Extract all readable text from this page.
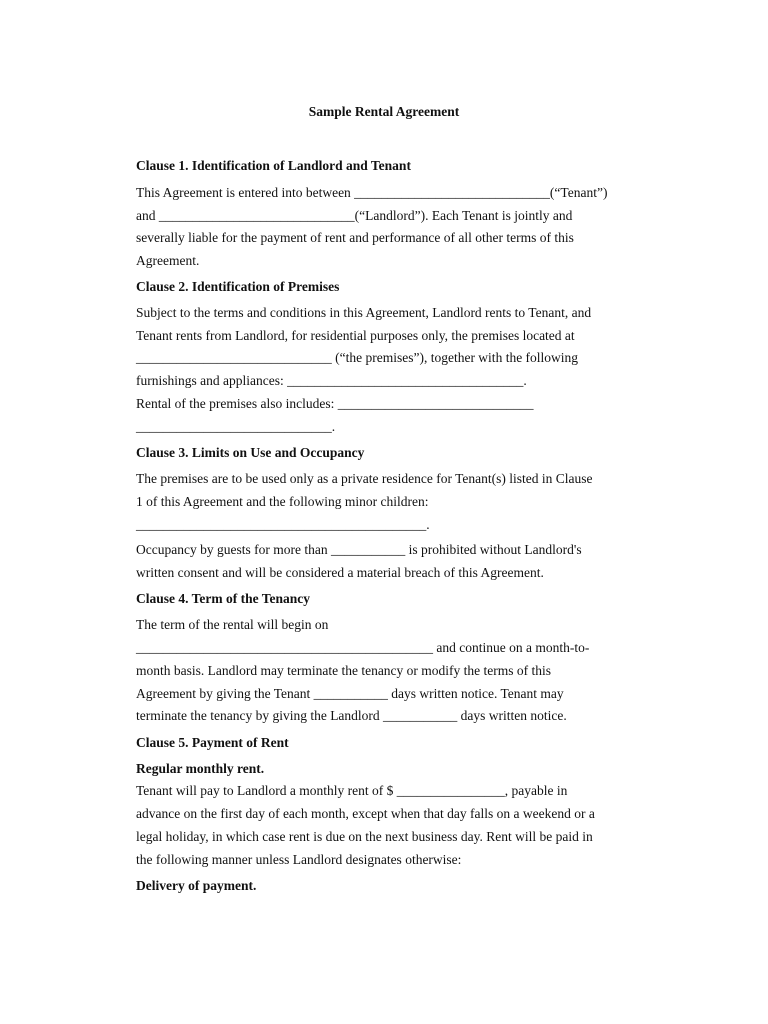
Sample Rental Agreement
Clause 1. Identification of Landlord and Tenant
This Agreement is entered into between _____________________________(“Tenant”)
and _____________________________(“Landlord”). Each Tenant is jointly and
severally liable for the payment of rent and performance of all other terms of this
Agreement.
Clause 2. Identification of Premises
Subject to the terms and conditions in this Agreement, Landlord rents to Tenant, and
Tenant rents from Landlord, for residential purposes only, the premises located at
_____________________________ (“the premises”), together with the following
furnishings and appliances: ___________________________________.
Rental of the premises also includes: _____________________________
_____________________________.
Clause 3. Limits on Use and Occupancy
The premises are to be used only as a private residence for Tenant(s) listed in Clause
1 of this Agreement and the following minor children:
___________________________________________.
Occupancy by guests for more than ___________ is prohibited without Landlord's
written consent and will be considered a material breach of this Agreement.
Clause 4. Term of the Tenancy
The term of the rental will begin on
____________________________________________ and continue on a month-to-
month basis. Landlord may terminate the tenancy or modify the terms of this
Agreement by giving the Tenant ___________ days written notice. Tenant may
terminate the tenancy by giving the Landlord ___________ days written notice.
Clause 5. Payment of Rent
Regular monthly rent.
Tenant will pay to Landlord a monthly rent of $ ________________, payable in
advance on the first day of each month, except when that day falls on a weekend or a
legal holiday, in which case rent is due on the next business day. Rent will be paid in
the following manner unless Landlord designates otherwise:
Delivery of payment.
